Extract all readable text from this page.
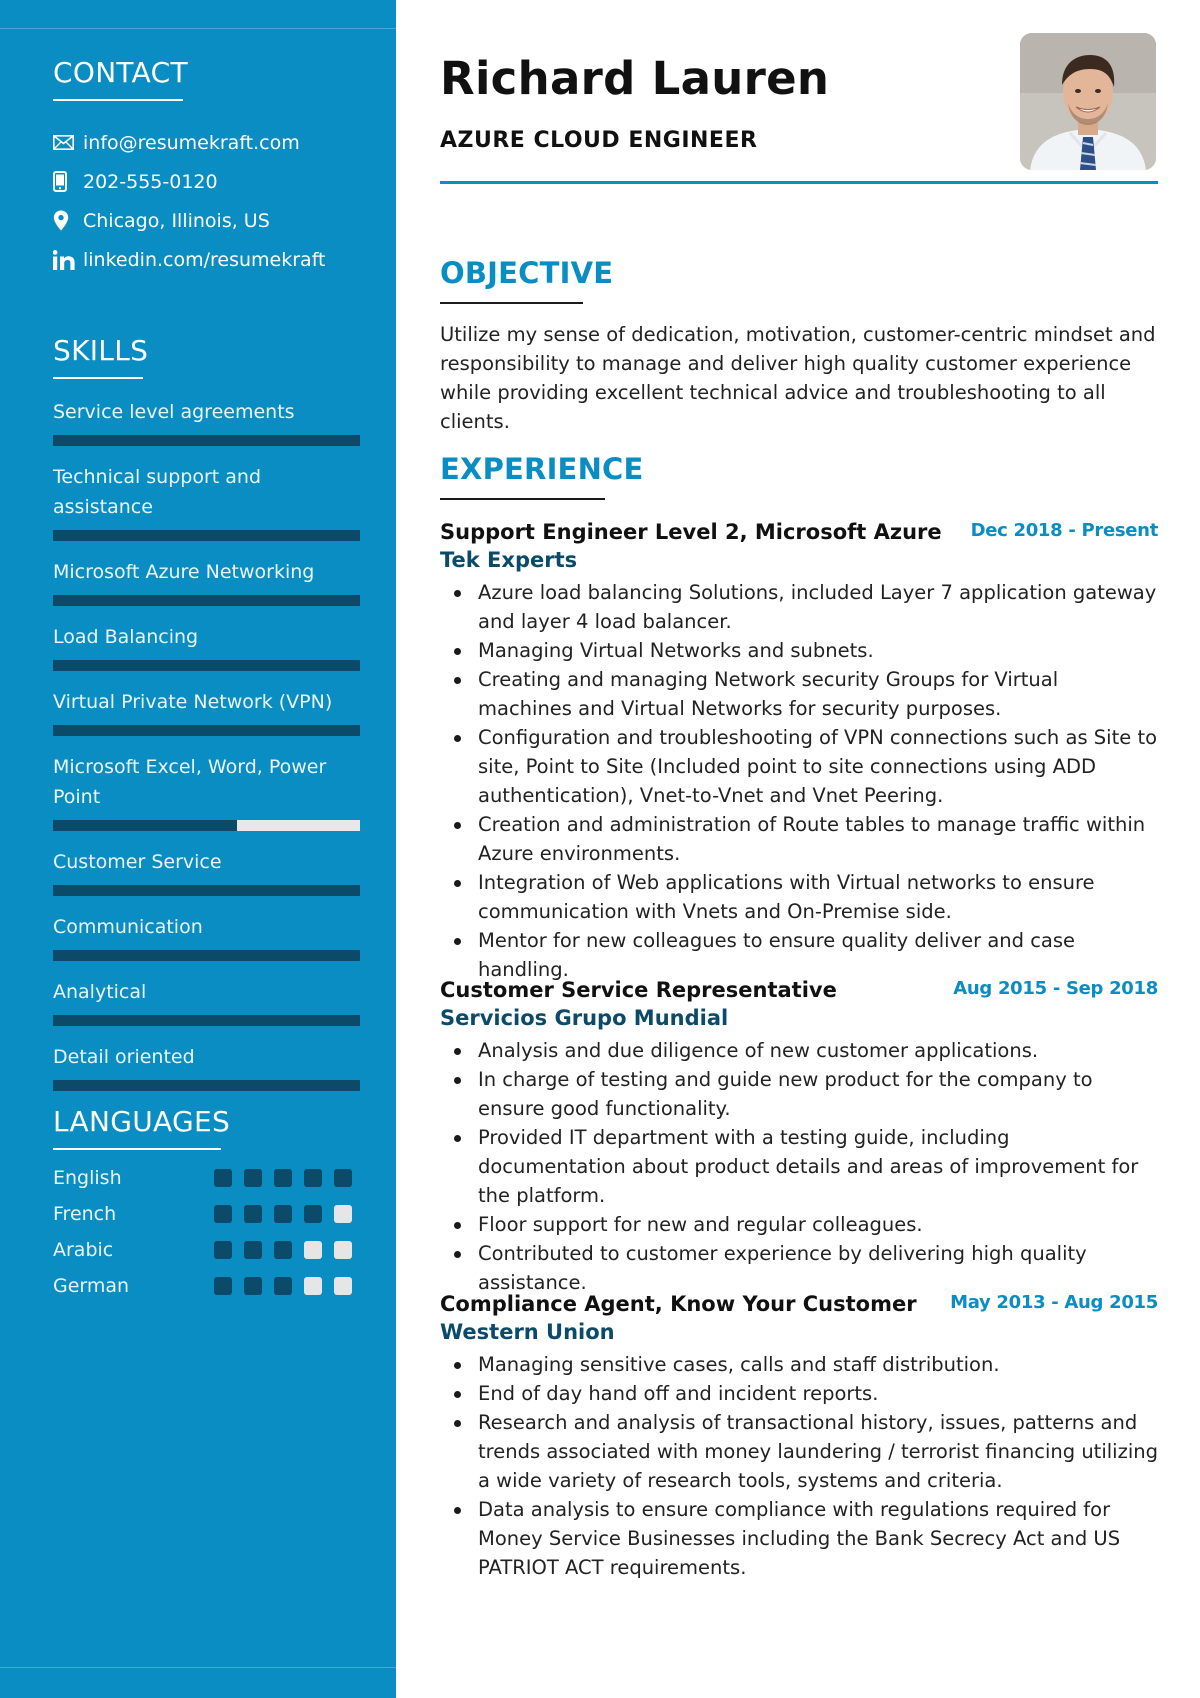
CONTACT
info@resumekraft.com
202-555-0120
Chicago, Illinois, US
linkedin.com/resumekraft
SKILLS
Service level agreements
Technical support and assistance
Microsoft Azure Networking
Load Balancing
Virtual Private Network (VPN)
Microsoft Excel, Word, Power Point
Customer Service
Communication
Analytical
Detail oriented
LANGUAGES
English
French
Arabic
German
Richard Lauren
AZURE CLOUD ENGINEER
OBJECTIVE

Utilize my sense of dedication, motivation, customer-centric mindset and responsibility to manage and deliver high quality customer experience while providing excellent technical advice and troubleshooting to all clients.

EXPERIENCE
Support Engineer Level 2, Microsoft Azure	Dec 2018 - Present
Tek Experts
Azure load balancing Solutions, included Layer 7 application gateway and layer 4 load balancer.
Managing Virtual Networks and subnets.
Creating and managing Network security Groups for Virtual machines and Virtual Networks for security purposes.
Configuration and troubleshooting of VPN connections such as Site to site, Point to Site (Included point to site connections using ADD authentication), Vnet-to-Vnet and Vnet Peering.
Creation and administration of Route tables to manage traffic within Azure environments.
Integration of Web applications with Virtual networks to ensure communication with Vnets and On-Premise side.
Mentor for new colleagues to ensure quality deliver and case handling.
Customer Service Representative	Aug 2015 - Sep 2018
Servicios Grupo Mundial
Analysis and due diligence of new customer applications.
In charge of testing and guide new product for the company to ensure good functionality.
Provided IT department with a testing guide, including documentation about product details and areas of improvement for the platform.
Floor support for new and regular colleagues.
Contributed to customer experience by delivering high quality assistance.
Compliance Agent, Know Your Customer	May 2013 - Aug 2015
Western Union
Managing sensitive cases, calls and staff distribution.
End of day hand off and incident reports.
Research and analysis of transactional history, issues, patterns and trends associated with money laundering / terrorist financing utilizing a wide variety of research tools, systems and criteria.
Data analysis to ensure compliance with regulations required for Money Service Businesses including the Bank Secrecy Act and US PATRIOT ACT requirements.
